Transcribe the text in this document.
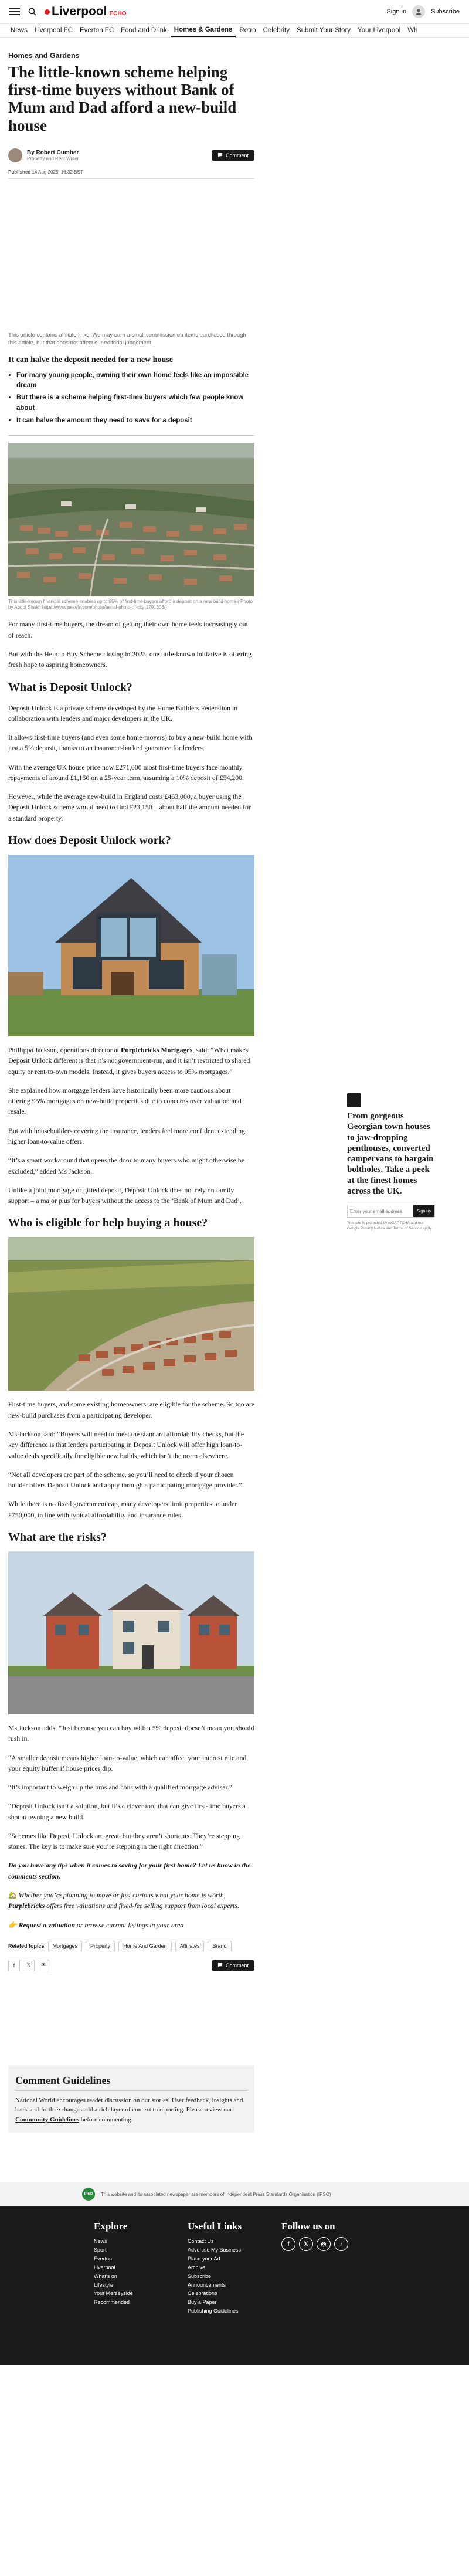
Liverpool ECHO	Sign in	Subscribe
News	Liverpool FC	Everton FC	Food and Drink	Homes & Gardens	Retro	Celebrity	Submit Your Story	Your Liverpool	Wh
Homes and Gardens
The little-known scheme helping first-time buyers without Bank of Mum and Dad afford a new-build house
By Robert Cumber
Property and Rent Writer
Comment
Published 14 Aug 2025, 16:32 BST

This article contains affiliate links. We may earn a small commission on items purchased through this article, but that does not affect our editorial judgement.

It can halve the deposit needed for a new house
• For many young people, owning their own home feels like an impossible dream
• But there is a scheme helping first-time buyers which few people know about
• It can halve the amount they need to save for a deposit
This little-known financial scheme enables up to 95% of first-time buyers afford a deposit on a new build home ( Photo by Abdul Shakh https://www.pexels.com/photo/aerial-photo-of-city-1791306/)

For many first-time buyers, the dream of getting their own home feels increasingly out of reach.

But with the Help to Buy Scheme closing in 2023, one little-known initiative is offering fresh hope to aspiring homeowners.

What is Deposit Unlock?

Deposit Unlock is a private scheme developed by the Home Builders Federation in collaboration with lenders and major developers in the UK.

It allows first-time buyers (and even some home-movers) to buy a new-build home with just a 5% deposit, thanks to an insurance-backed guarantee for lenders.

With the average UK house price now £271,000 most first-time buyers face monthly repayments of around £1,150 on a 25-year term, assuming a 10% deposit of £54,200.

However, while the average new-build in England costs £463,000, a buyer using the Deposit Unlock scheme would need to find £23,150 – about half the amount needed for a standard property.

How does Deposit Unlock work?

Phillippa Jackson, operations director at Purplebricks Mortgages, said: “What makes Deposit Unlock different is that it’s not government-run, and it isn’t restricted to shared equity or rent-to-own models. Instead, it gives buyers access to 95% mortgages.”

She explained how mortgage lenders have historically been more cautious about offering 95% mortgages on new-build properties due to concerns over valuation and resale.

But with housebuilders covering the insurance, lenders feel more confident extending higher loan-to-value offers.

“It’s a smart workaround that opens the door to many buyers who might otherwise be excluded,” added Ms Jackson.

Unlike a joint mortgage or gifted deposit, Deposit Unlock does not rely on family support – a major plus for buyers without the access to the ‘Bank of Mum and Dad’.

Who is eligible for help buying a house?

First-time buyers, and some existing homeowners, are eligible for the scheme. So too are new-build purchases from a participating developer.

Ms Jackson said: “Buyers will need to meet the standard affordability checks, but the key difference is that lenders participating in Deposit Unlock will offer high loan-to-value deals specifically for eligible new builds, which isn’t the norm elsewhere.

“Not all developers are part of the scheme, so you’ll need to check if your chosen builder offers Deposit Unlock and apply through a participating mortgage provider.”

While there is no fixed government cap, many developers limit properties to under £750,000, in line with typical affordability and insurance rules.

What are the risks?

Ms Jackson adds: “Just because you can buy with a 5% deposit doesn’t mean you should rush in.

“A smaller deposit means higher loan-to-value, which can affect your interest rate and your equity buffer if house prices dip.

“It’s important to weigh up the pros and cons with a qualified mortgage adviser.”

“Deposit Unlock isn’t a solution, but it’s a clever tool that can give first-time buyers a shot at owning a new build.

“Schemes like Deposit Unlock are great, but they aren’t shortcuts. They’re stepping stones. The key is to make sure you’re stepping in the right direction.”

Do you have any tips when it comes to saving for your first home? Let us know in the comments section.

🏡 Whether you’re planning to move or just curious what your home is worth, Purplebricks offers free valuations and fixed-fee selling support from local experts.

👉 Request a valuation or browse current listings in your area

Related topics	Mortgages	Property	Home And Garden	Affiliates	Brand
f	𝕏	✉	Comment
Comment Guidelines

National World encourages reader discussion on our stories. User feedback, insights and back-and-forth exchanges add a rich layer of context to reporting. Please review our Community Guidelines before commenting.

From gorgeous Georgian town houses to jaw-dropping penthouses, converted campervans to bargain boltholes. Take a peek at the finest homes across the UK.
Enter your email address
Sign up
This site is protected by reCAPTCHA and the Google Privacy Notice and Terms of Service apply.
IPSO	This website and its associated newspaper are members of Independent Press Standards Organisation (IPSO)
Explore
News
Sport
Everton
Liverpool
What's on
Lifestyle
Your Merseyside
Recommended
Useful Links
Contact Us
Advertise My Business
Place your Ad
Archive
Subscribe
Announcements
Celebrations
Buy a Paper
Publishing Guidelines
Follow us on
f	𝕏	◎	♪
